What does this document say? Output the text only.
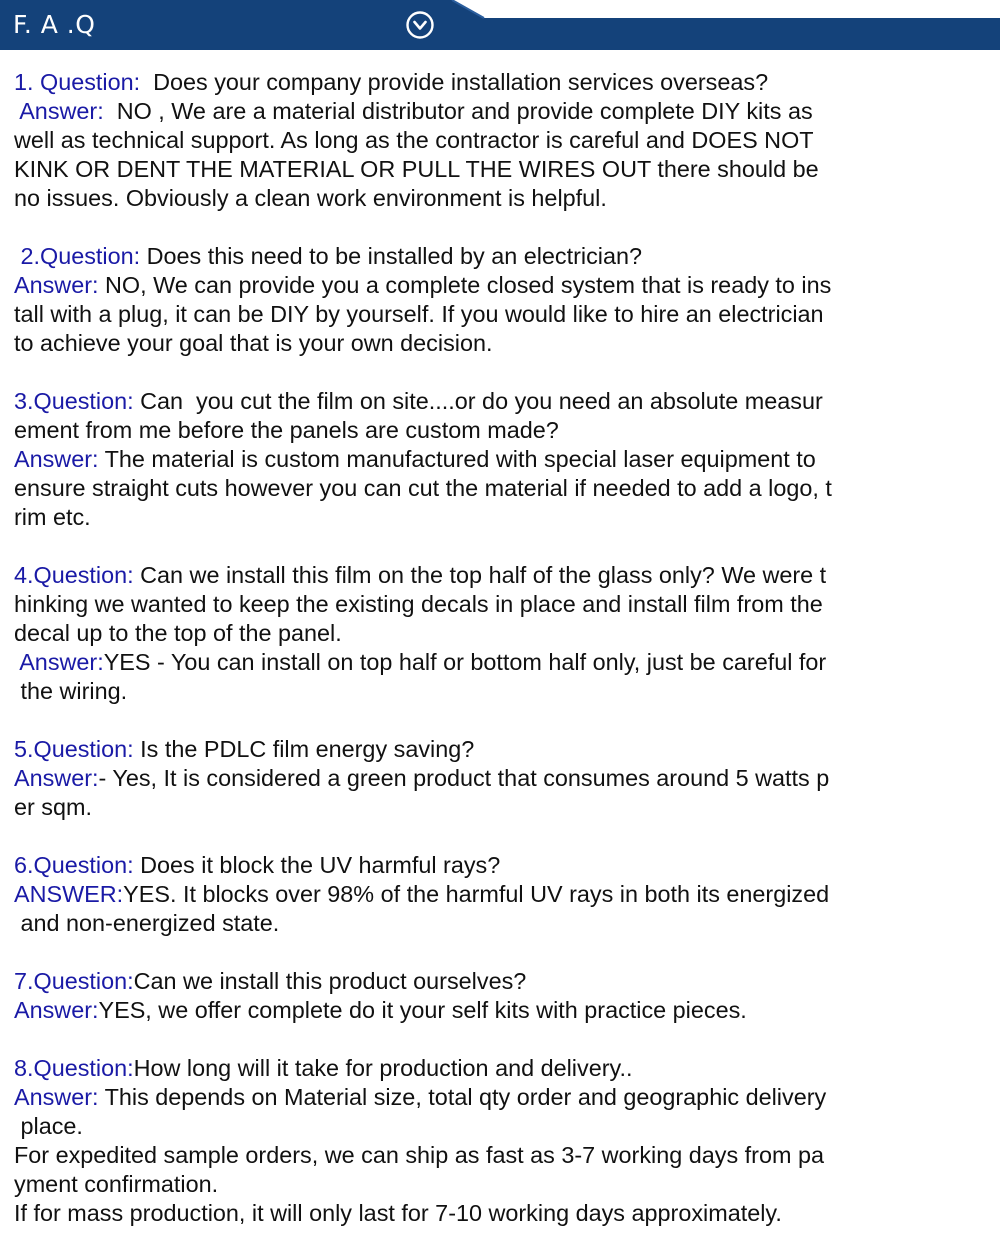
F. A .Q
1. Question:  Does your company provide installation services overseas?
Answer:  NO , We are a material distributor and provide complete DIY kits as
well as technical support. As long as the contractor is careful and DOES NOT
KINK OR DENT THE MATERIAL OR PULL THE WIRES OUT there should be
no issues. Obviously a clean work environment is helpful.
2.Question: Does this need to be installed by an electrician?
Answer: NO, We can provide you a complete closed system that is ready to ins
tall with a plug, it can be DIY by yourself. If you would like to hire an electrician
to achieve your goal that is your own decision.
3.Question: Can  you cut the film on site....or do you need an absolute measur
ement from me before the panels are custom made?
Answer: The material is custom manufactured with special laser equipment to
ensure straight cuts however you can cut the material if needed to add a logo, t
rim etc.
4.Question: Can we install this film on the top half of the glass only? We were t
hinking we wanted to keep the existing decals in place and install film from the
decal up to the top of the panel.
Answer:YES - You can install on top half or bottom half only, just be careful for
the wiring.
5.Question: Is the PDLC film energy saving?
Answer:- Yes, It is considered a green product that consumes around 5 watts p
er sqm.
6.Question: Does it block the UV harmful rays?
ANSWER:YES. It blocks over 98% of the harmful UV rays in both its energized
and non-energized state.
7.Question:Can we install this product ourselves?
Answer:YES, we offer complete do it your self kits with practice pieces.
8.Question:How long will it take for production and delivery..
Answer: This depends on Material size, total qty order and geographic delivery
place.
For expedited sample orders, we can ship as fast as 3-7 working days from pa
yment confirmation.
If for mass production, it will only last for 7-10 working days approximately.
